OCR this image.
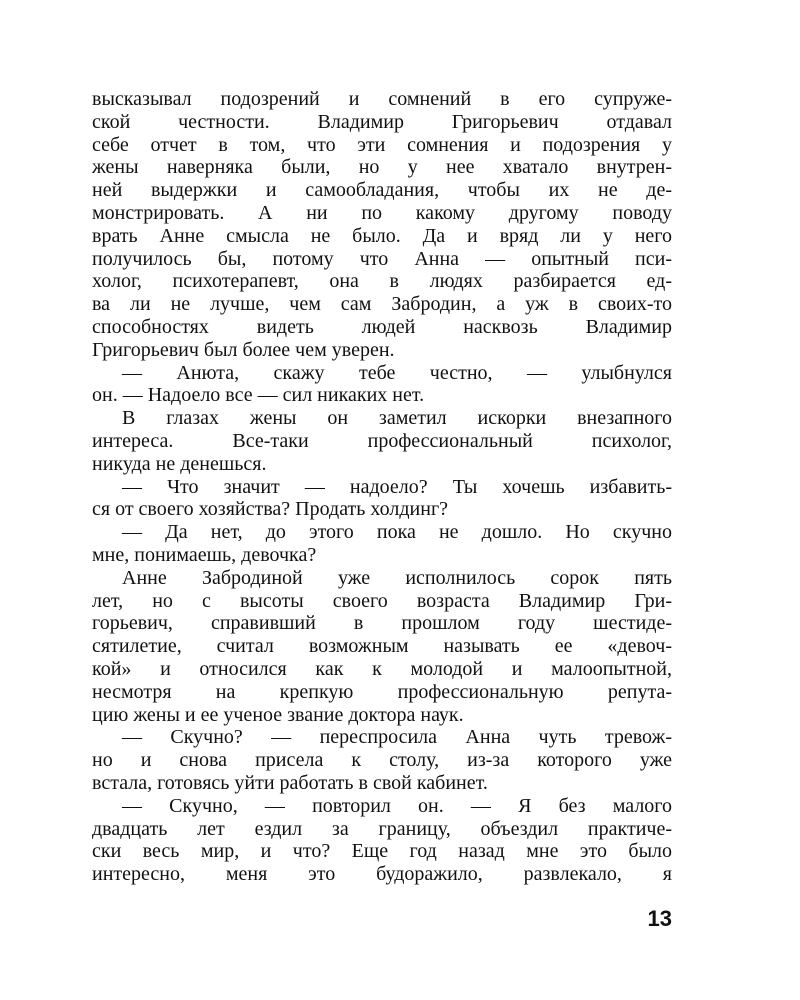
высказывал подозрений и сомнений в его супруже-
ской честности. Владимир Григорьевич отдавал
себе отчет в том, что эти сомнения и подозрения у
жены наверняка были, но у нее хватало внутрен-
ней выдержки и самообладания, чтобы их не де-
монстрировать. А ни по какому другому поводу
врать Анне смысла не было. Да и вряд ли у него
получилось бы, потому что Анна — опытный пси-
холог, психотерапевт, она в людях разбирается ед-
ва ли не лучше, чем сам Забродин, а уж в своих-то
способностях видеть людей насквозь Владимир
Григорьевич был более чем уверен.
— Анюта, скажу тебе честно, — улыбнулся
он. — Надоело все — сил никаких нет.
В глазах жены он заметил искорки внезапного
интереса. Все-таки профессиональный психолог,
никуда не денешься.
— Что значит — надоело? Ты хочешь избавить-
ся от своего хозяйства? Продать холдинг?
— Да нет, до этого пока не дошло. Но скучно
мне, понимаешь, девочка?
Анне Забродиной уже исполнилось сорок пять
лет, но с высоты своего возраста Владимир Гри-
горьевич, справивший в прошлом году шестиде-
сятилетие, считал возможным называть ее «девоч-
кой» и относился как к молодой и малоопытной,
несмотря на крепкую профессиональную репута-
цию жены и ее ученое звание доктора наук.
— Скучно? — переспросила Анна чуть тревож-
но и снова присела к столу, из-за которого уже
встала, готовясь уйти работать в свой кабинет.
— Скучно, — повторил он. — Я без малого
двадцать лет ездил за границу, объездил практиче-
ски весь мир, и что? Еще год назад мне это было
интересно, меня это будоражило, развлекало, я
13
